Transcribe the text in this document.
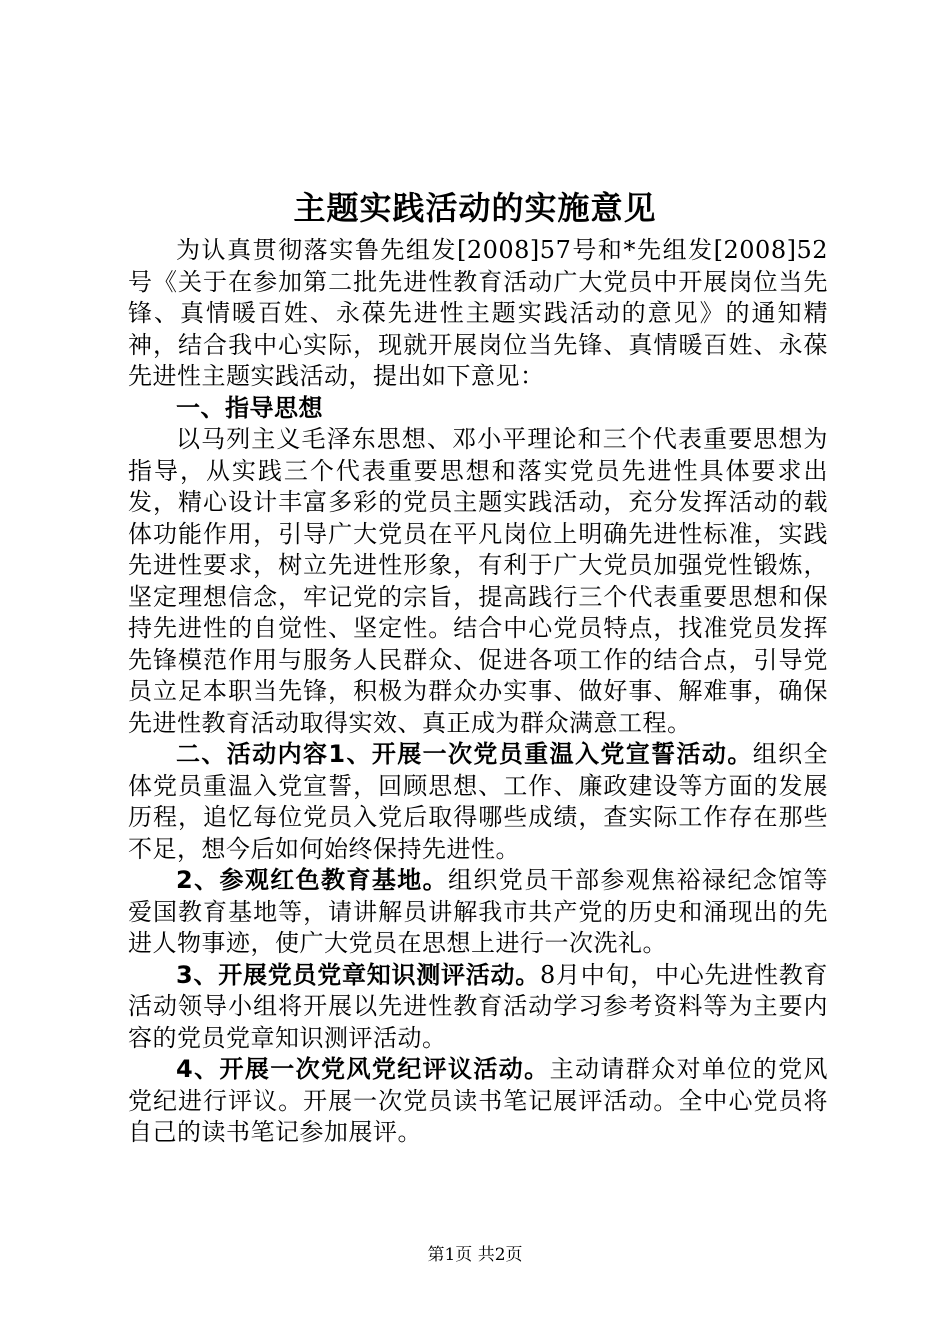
主题实践活动的实施意见

为认真贯彻落实鲁先组发[2008]57号和*先组发[2008]52号《关于在参加第二批先进性教育活动广大党员中开展岗位当先锋、真情暖百姓、永葆先进性主题实践活动的意见》的通知精神，结合我中心实际，现就开展岗位当先锋、真情暖百姓、永葆先进性主题实践活动，提出如下意见：

一、指导思想

以马列主义毛泽东思想、邓小平理论和三个代表重要思想为指导，从实践三个代表重要思想和落实党员先进性具体要求出发，精心设计丰富多彩的党员主题实践活动，充分发挥活动的载体功能作用，引导广大党员在平凡岗位上明确先进性标准，实践先进性要求，树立先进性形象，有利于广大党员加强党性锻炼，坚定理想信念，牢记党的宗旨，提高践行三个代表重要思想和保持先进性的自觉性、坚定性。结合中心党员特点，找准党员发挥先锋模范作用与服务人民群众、促进各项工作的结合点，引导党员立足本职当先锋，积极为群众办实事、做好事、解难事，确保先进性教育活动取得实效、真正成为群众满意工程。

二、活动内容1、开展一次党员重温入党宣誓活动。组织全体党员重温入党宣誓，回顾思想、工作、廉政建设等方面的发展历程，追忆每位党员入党后取得哪些成绩，查实际工作存在那些不足，想今后如何始终保持先进性。

2、参观红色教育基地。组织党员干部参观焦裕禄纪念馆等爱国教育基地等，请讲解员讲解我市共产党的历史和涌现出的先进人物事迹，使广大党员在思想上进行一次洗礼。

3、开展党员党章知识测评活动。8月中旬，中心先进性教育活动领导小组将开展以先进性教育活动学习参考资料等为主要内容的党员党章知识测评活动。

4、开展一次党风党纪评议活动。主动请群众对单位的党风党纪进行评议。开展一次党员读书笔记展评活动。全中心党员将自己的读书笔记参加展评。

第1页 共2页
